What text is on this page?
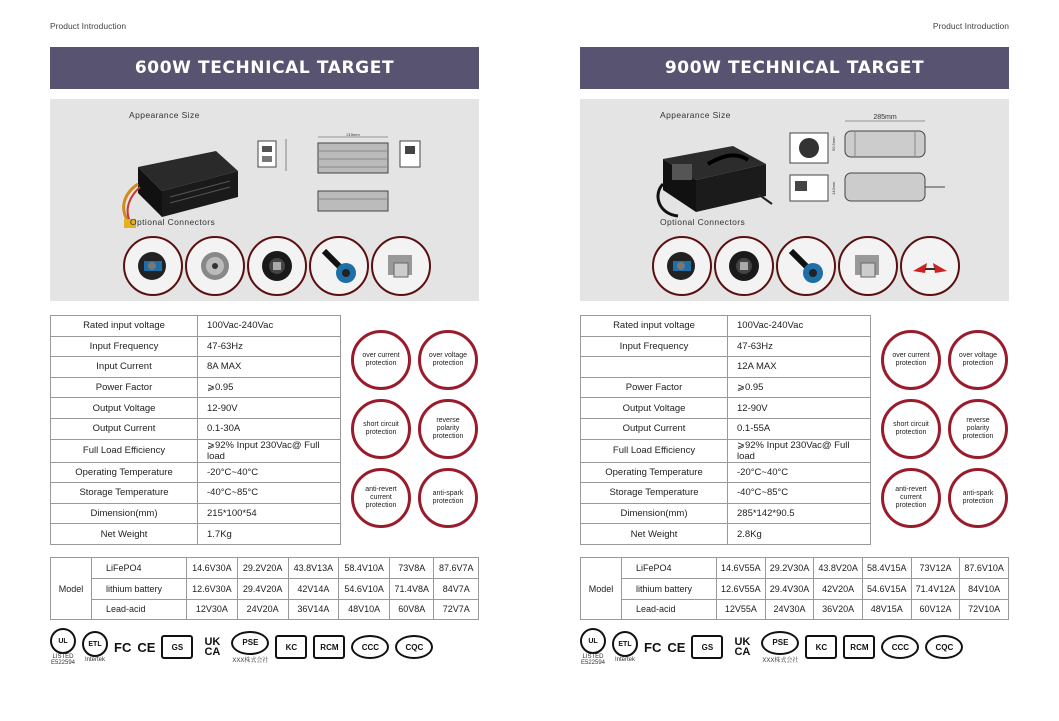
Product Introduction
600W TECHNICAL TARGET
Appearance Size
215mm
Optional Connectors
Rated input voltage	100Vac-240Vac
Input Frequency	47-63Hz
Input Current	8A MAX
Power Factor	⩾0.95
Output Voltage	12-90V
Output Current	0.1-30A
Full Load Efficiency	⩾92% Input 230Vac@ Full load
Operating Temperature	-20°C~40°C
Storage Temperature	-40°C~85°C
Dimension(mm)	215*100*54
Net Weight	1.7Kg
over current protection
over voltage protection
short circuit protection
reverse polarity protection
anti-revert current protection
anti-spark protection
Model	LiFePO4	14.6V30A	29.2V20A	43.8V13A	58.4V10A	73V8A	87.6V7A
	lithium battery	12.6V30A	29.4V20A	42V14A	54.6V10A	71.4V8A	84V7A
	Lead-acid	12V30A	24V20A	36V14A	48V10A	60V8A	72V7A
UL
LISTED
E522594
ETL
Intertek
FC CE	GS	UK CA
PSE
XXX株式会社
KC	RCM	CCC	CQC
Product Introduction
900W TECHNICAL TARGET
Appearance Size	285mm
90.5mm
142mm
Optional Connectors
Rated input voltage	100Vac-240Vac
Input Frequency	47-63Hz
	12A MAX
Power Factor	⩾0.95
Output Voltage	12-90V
Output Current	0.1-55A
Full Load Efficiency	⩾92% Input 230Vac@ Full load
Operating Temperature	-20°C~40°C
Storage Temperature	-40°C~85°C
Dimension(mm)	285*142*90.5
Net Weight	2.8Kg
over current protection
over voltage protection
short circuit protection
reverse polarity protection
anti-revert current protection
anti-spark protection
Model	LiFePO4	14.6V55A	29.2V30A	43.8V20A	58.4V15A	73V12A	87.6V10A
	lithium battery	12.6V55A	29.4V30A	42V20A	54.6V15A	71.4V12A	84V10A
	Lead-acid	12V55A	24V30A	36V20A	48V15A	60V12A	72V10A
UL
LISTED
E522594
ETL
Intertek
FC CE	GS	UK CA
PSE
XXX株式会社
KC	RCM	CCC	CQC
